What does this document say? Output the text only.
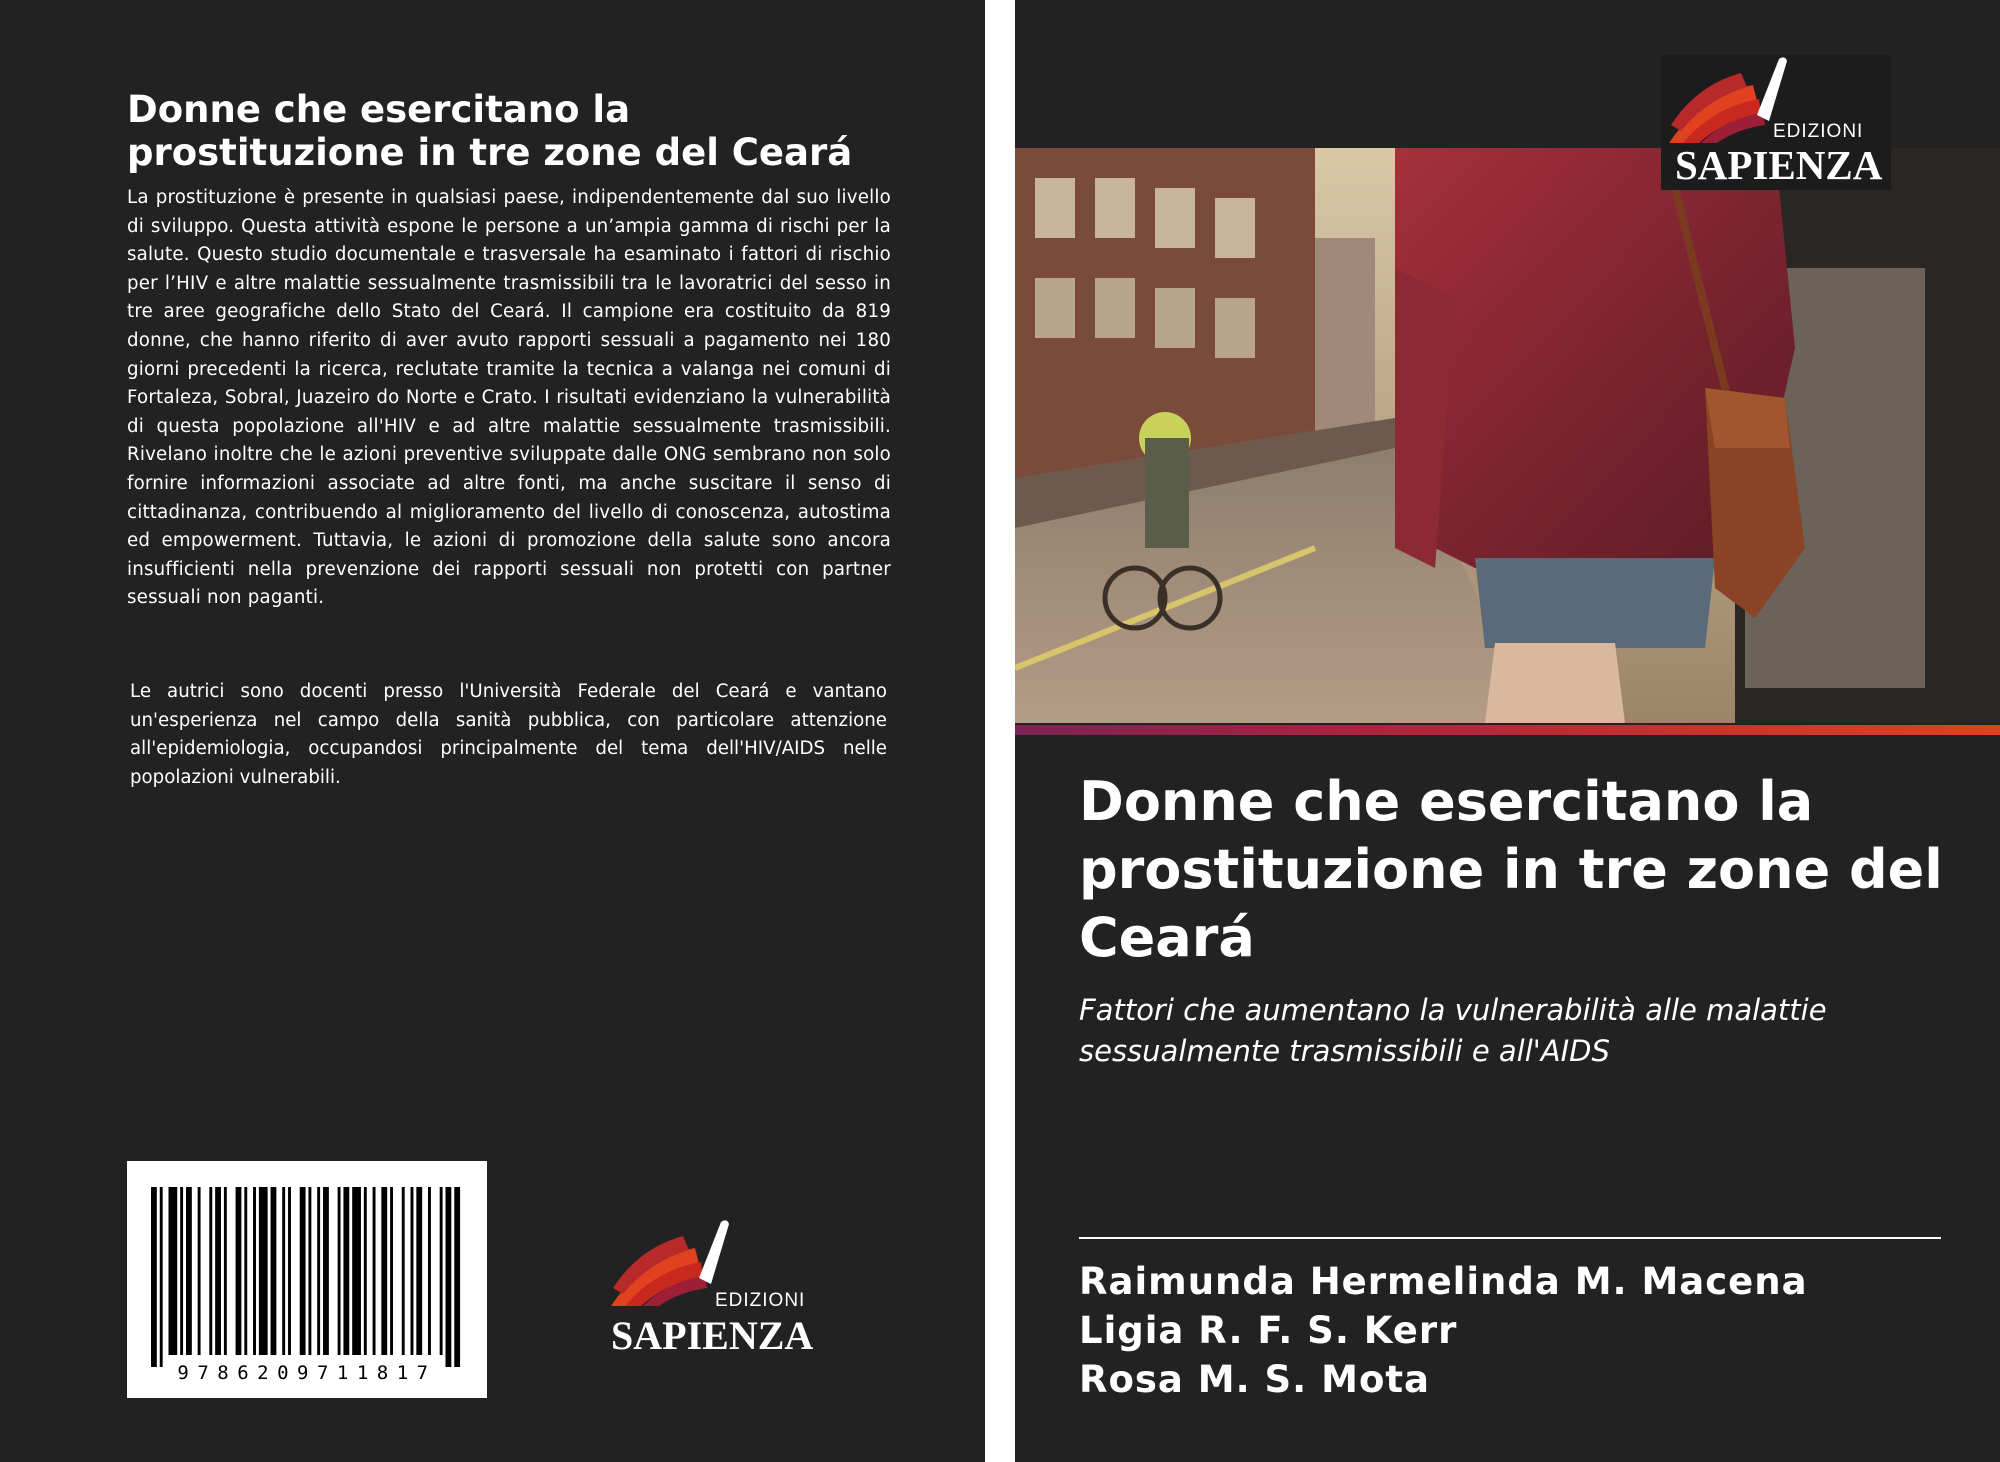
Donne che esercitano la prostituzione in tre zone del Ceará

La prostituzione è presente in qualsiasi paese, indipendentemente dal suo livello di sviluppo. Questa attività espone le persone a un’ampia gamma di rischi per la salute. Questo studio documentale e trasversale ha esaminato i fattori di rischio per l’HIV e altre malattie sessualmente trasmissibili tra le lavoratrici del sesso in tre aree geografiche dello Stato del Ceará. Il campione era costituito da 819 donne, che hanno riferito di aver avuto rapporti sessuali a pagamento nei 180 giorni precedenti la ricerca, reclutate tramite la tecnica a valanga nei comuni di Fortaleza, Sobral, Juazeiro do Norte e Crato. I risultati evidenziano la vulnerabilità di questa popolazione all'HIV e ad altre malattie sessualmente trasmissibili. Rivelano inoltre che le azioni preventive sviluppate dalle ONG sembrano non solo fornire informazioni associate ad altre fonti, ma anche suscitare il senso di cittadinanza, contribuendo al miglioramento del livello di conoscenza, autostima ed empowerment. Tuttavia, le azioni di promozione della salute sono ancora insufficienti nella prevenzione dei rapporti sessuali non protetti con partner sessuali non paganti.

Le autrici sono docenti presso l'Università Federale del Ceará e vantano un'esperienza nel campo della sanità pubblica, con particolare attenzione all'epidemiologia, occupandosi principalmente del tema dell'HIV/AIDS nelle popolazioni vulnerabili.

9786209711817
EDIZIONI
SAPIENZA
EDIZIONI
SAPIENZA
Donne che esercitano la prostituzione in tre zone del Ceará

Fattori che aumentano la vulnerabilità alle malattie sessualmente trasmissibili e all'AIDS

Raimunda Hermelinda M. Macena
Ligia R. F. S. Kerr
Rosa M. S. Mota
